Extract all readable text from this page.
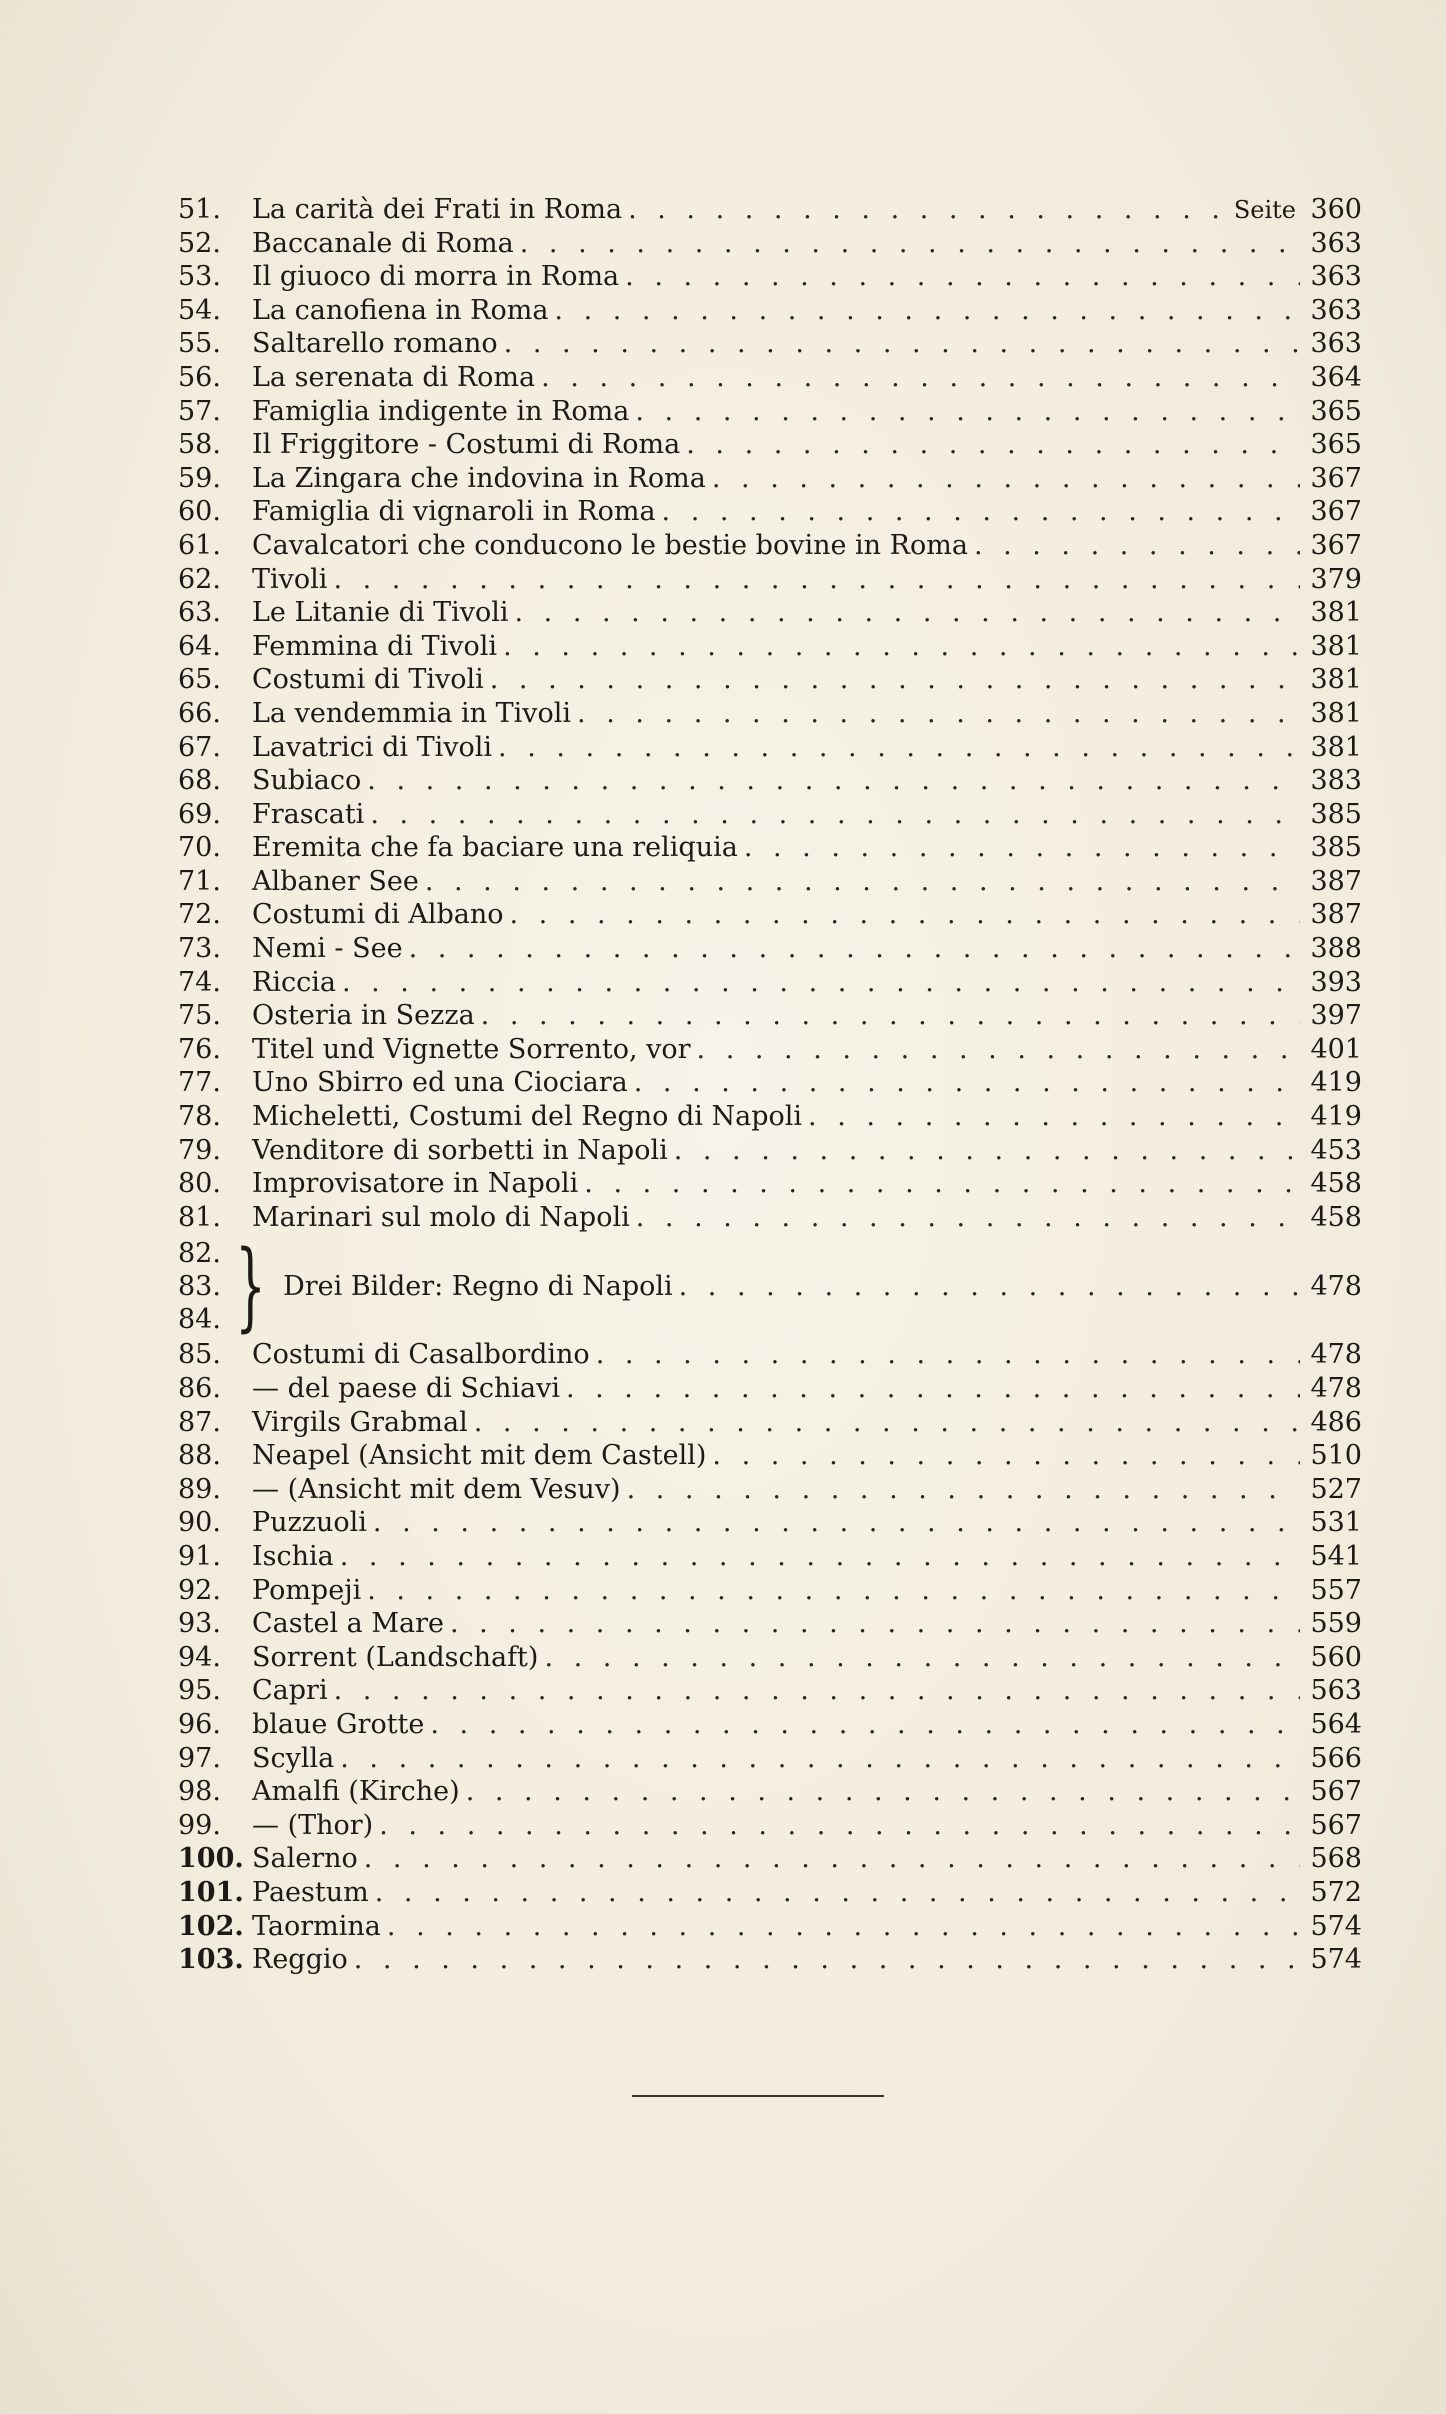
51.	La carità dei Frati in Roma . . .	Seite 360
52.	Baccanale di Roma . . .	363
53.	Il giuoco di morra in Roma . . .	363
54.	La canofiena in Roma . . .	363
55.	Saltarello romano . . .	363
56.	La serenata di Roma . . .	364
57.	Famiglia indigente in Roma . . .	365
58.	Il Friggitore - Costumi di Roma . . .	365
59.	La Zingara che indovina in Roma . . .	367
60.	Famiglia di vignaroli in Roma . . .	367
61.	Cavalcatori che conducono le bestie bovine in Roma . . .	367
62.	Tivoli . . .	379
63.	Le Litanie di Tivoli . . .	381
64.	Femmina di Tivoli . . .	381
65.	Costumi di Tivoli . . .	381
66.	La vendemmia in Tivoli . . .	381
67.	Lavatrici di Tivoli . . .	381
68.	Subiaco . . .	383
69.	Frascati . . .	385
70.	Eremita che fa baciare una reliquia . . .	385
71.	Albaner See . . .	387
72.	Costumi di Albano . . .	387
73.	Nemi - See . . .	388
74.	Riccia . . .	393
75.	Osteria in Sezza . . .	397
76.	Titel und Vignette Sorrento, vor . . .	401
77.	Uno Sbirro ed una Ciociara . . .	419
78.	Micheletti, Costumi del Regno di Napoli . . .	419
79.	Venditore di sorbetti in Napoli . . .	453
80.	Improvisatore in Napoli . . .	458
81.	Marinari sul molo di Napoli . . .	458
82.
83.
84. } Drei Bilder: Regno di Napoli . . .	478
85.	Costumi di Casalbordino . . .	478
86.	— del paese di Schiavi . . .	478
87.	Virgils Grabmal . . .	486
88.	Neapel (Ansicht mit dem Castell) . . .	510
89.	— (Ansicht mit dem Vesuv) . . .	527
90.	Puzzuoli . . .	531
91.	Ischia . . .	541
92.	Pompeji . . .	557
93.	Castel a Mare . . .	559
94.	Sorrent (Landschaft) . . .	560
95.	Capri . . .	563
96.	blaue Grotte . . .	564
97.	Scylla . . .	566
98.	Amalfi (Kirche) . . .	567
99.	— (Thor) . . .	567
100. Salerno . . .	568
101. Paestum . . .	572
102. Taormina . . .	574
103. Reggio . . .	574
